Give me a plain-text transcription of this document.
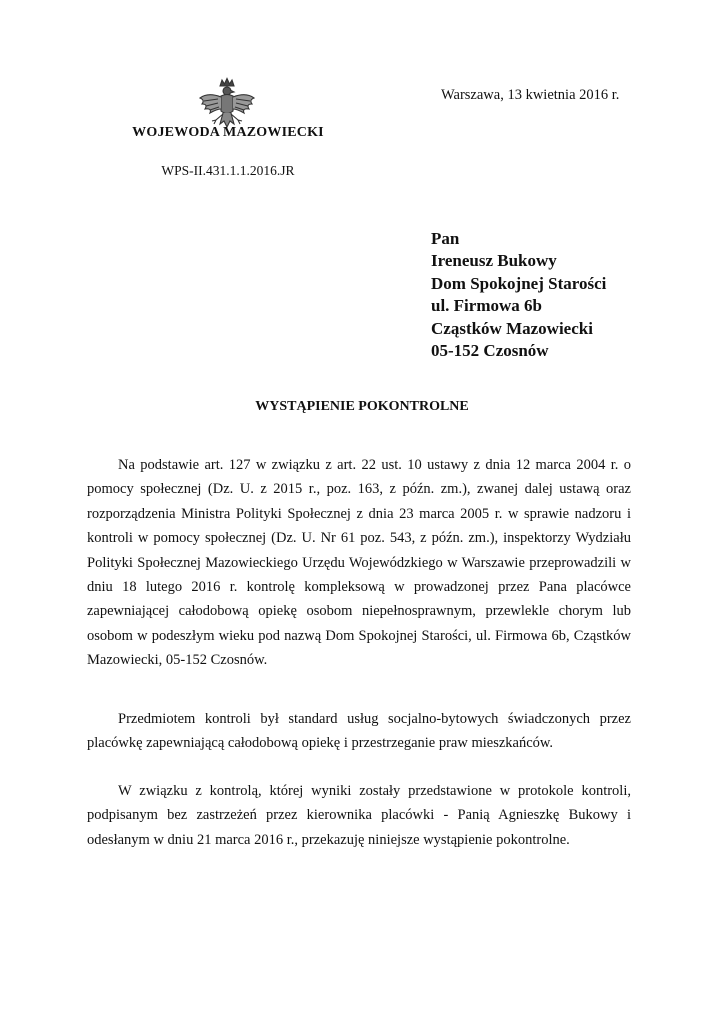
WOJEWODA MAZOWIECKI
WPS-II.431.1.1.2016.JR
Warszawa, 13 kwietnia 2016 r.
Pan
Ireneusz Bukowy
Dom Spokojnej Starości
ul. Firmowa 6b
Cząstków Mazowiecki
05-152 Czosnów
WYSTĄPIENIE POKONTROLNE

Na podstawie art. 127 w związku z art. 22 ust. 10 ustawy z dnia 12 marca 2004 r. o pomocy społecznej (Dz. U. z 2015 r., poz. 163, z późn. zm.), zwanej dalej ustawą oraz rozporządzenia Ministra Polityki Społecznej z dnia 23 marca 2005 r. w sprawie nadzoru i kontroli w pomocy społecznej (Dz. U. Nr 61 poz. 543, z późn. zm.), inspektorzy Wydziału Polityki Społecznej Mazowieckiego Urzędu Wojewódzkiego w Warszawie przeprowadzili w dniu 18 lutego 2016 r. kontrolę kompleksową w prowadzonej przez Pana placówce zapewniającej całodobową opiekę osobom niepełnosprawnym, przewlekle chorym lub osobom w podeszłym wieku pod nazwą Dom Spokojnej Starości, ul. Firmowa 6b, Cząstków Mazowiecki, 05-152 Czosnów.

Przedmiotem kontroli był standard usług socjalno-bytowych świadczonych przez placówkę zapewniającą całodobową opiekę i przestrzeganie praw mieszkańców.

W związku z kontrolą, której wyniki zostały przedstawione w protokole kontroli, podpisanym bez zastrzeżeń przez kierownika placówki - Panią Agnieszkę Bukowy i odesłanym w dniu 21 marca 2016 r., przekazuję niniejsze wystąpienie pokontrolne.
